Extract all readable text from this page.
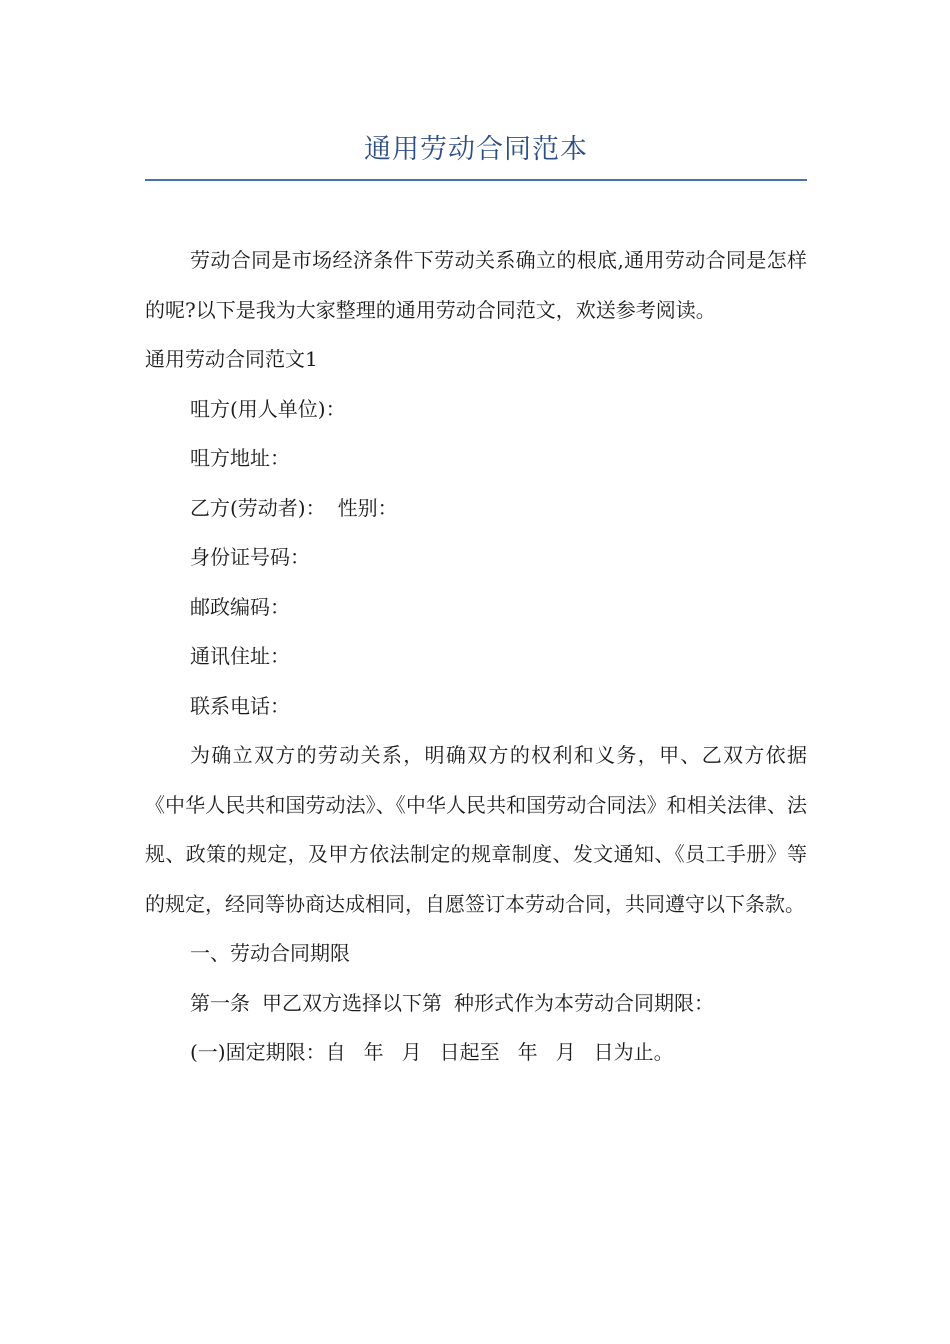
通用劳动合同范本

劳动合同是市场经济条件下劳动关系确立的根底,通用劳动合同是怎样的呢?以下是我为大家整理的通用劳动合同范文，欢送参考阅读。

通用劳动合同范文1

咀方(用人单位)：

咀方地址：

乙方(劳动者)： 性别：

身份证号码：

邮政编码：

通讯住址：

联系电话：

为确立双方的劳动关系，明确双方的权利和义务，甲、乙双方依据《中华人民共和国劳动法》、《中华人民共和国劳动合同法》和相关法律、法规、政策的规定，及甲方依法制定的规章制度、发文通知、《员工手册》等的规定，经同等协商达成相同，自愿签订本劳动合同，共同遵守以下条款。

一、劳动合同期限

第一条 甲乙双方选择以下第 种形式作为本劳动合同期限：

(一)固定期限：自 年 月 日起至 年 月 日为止。
